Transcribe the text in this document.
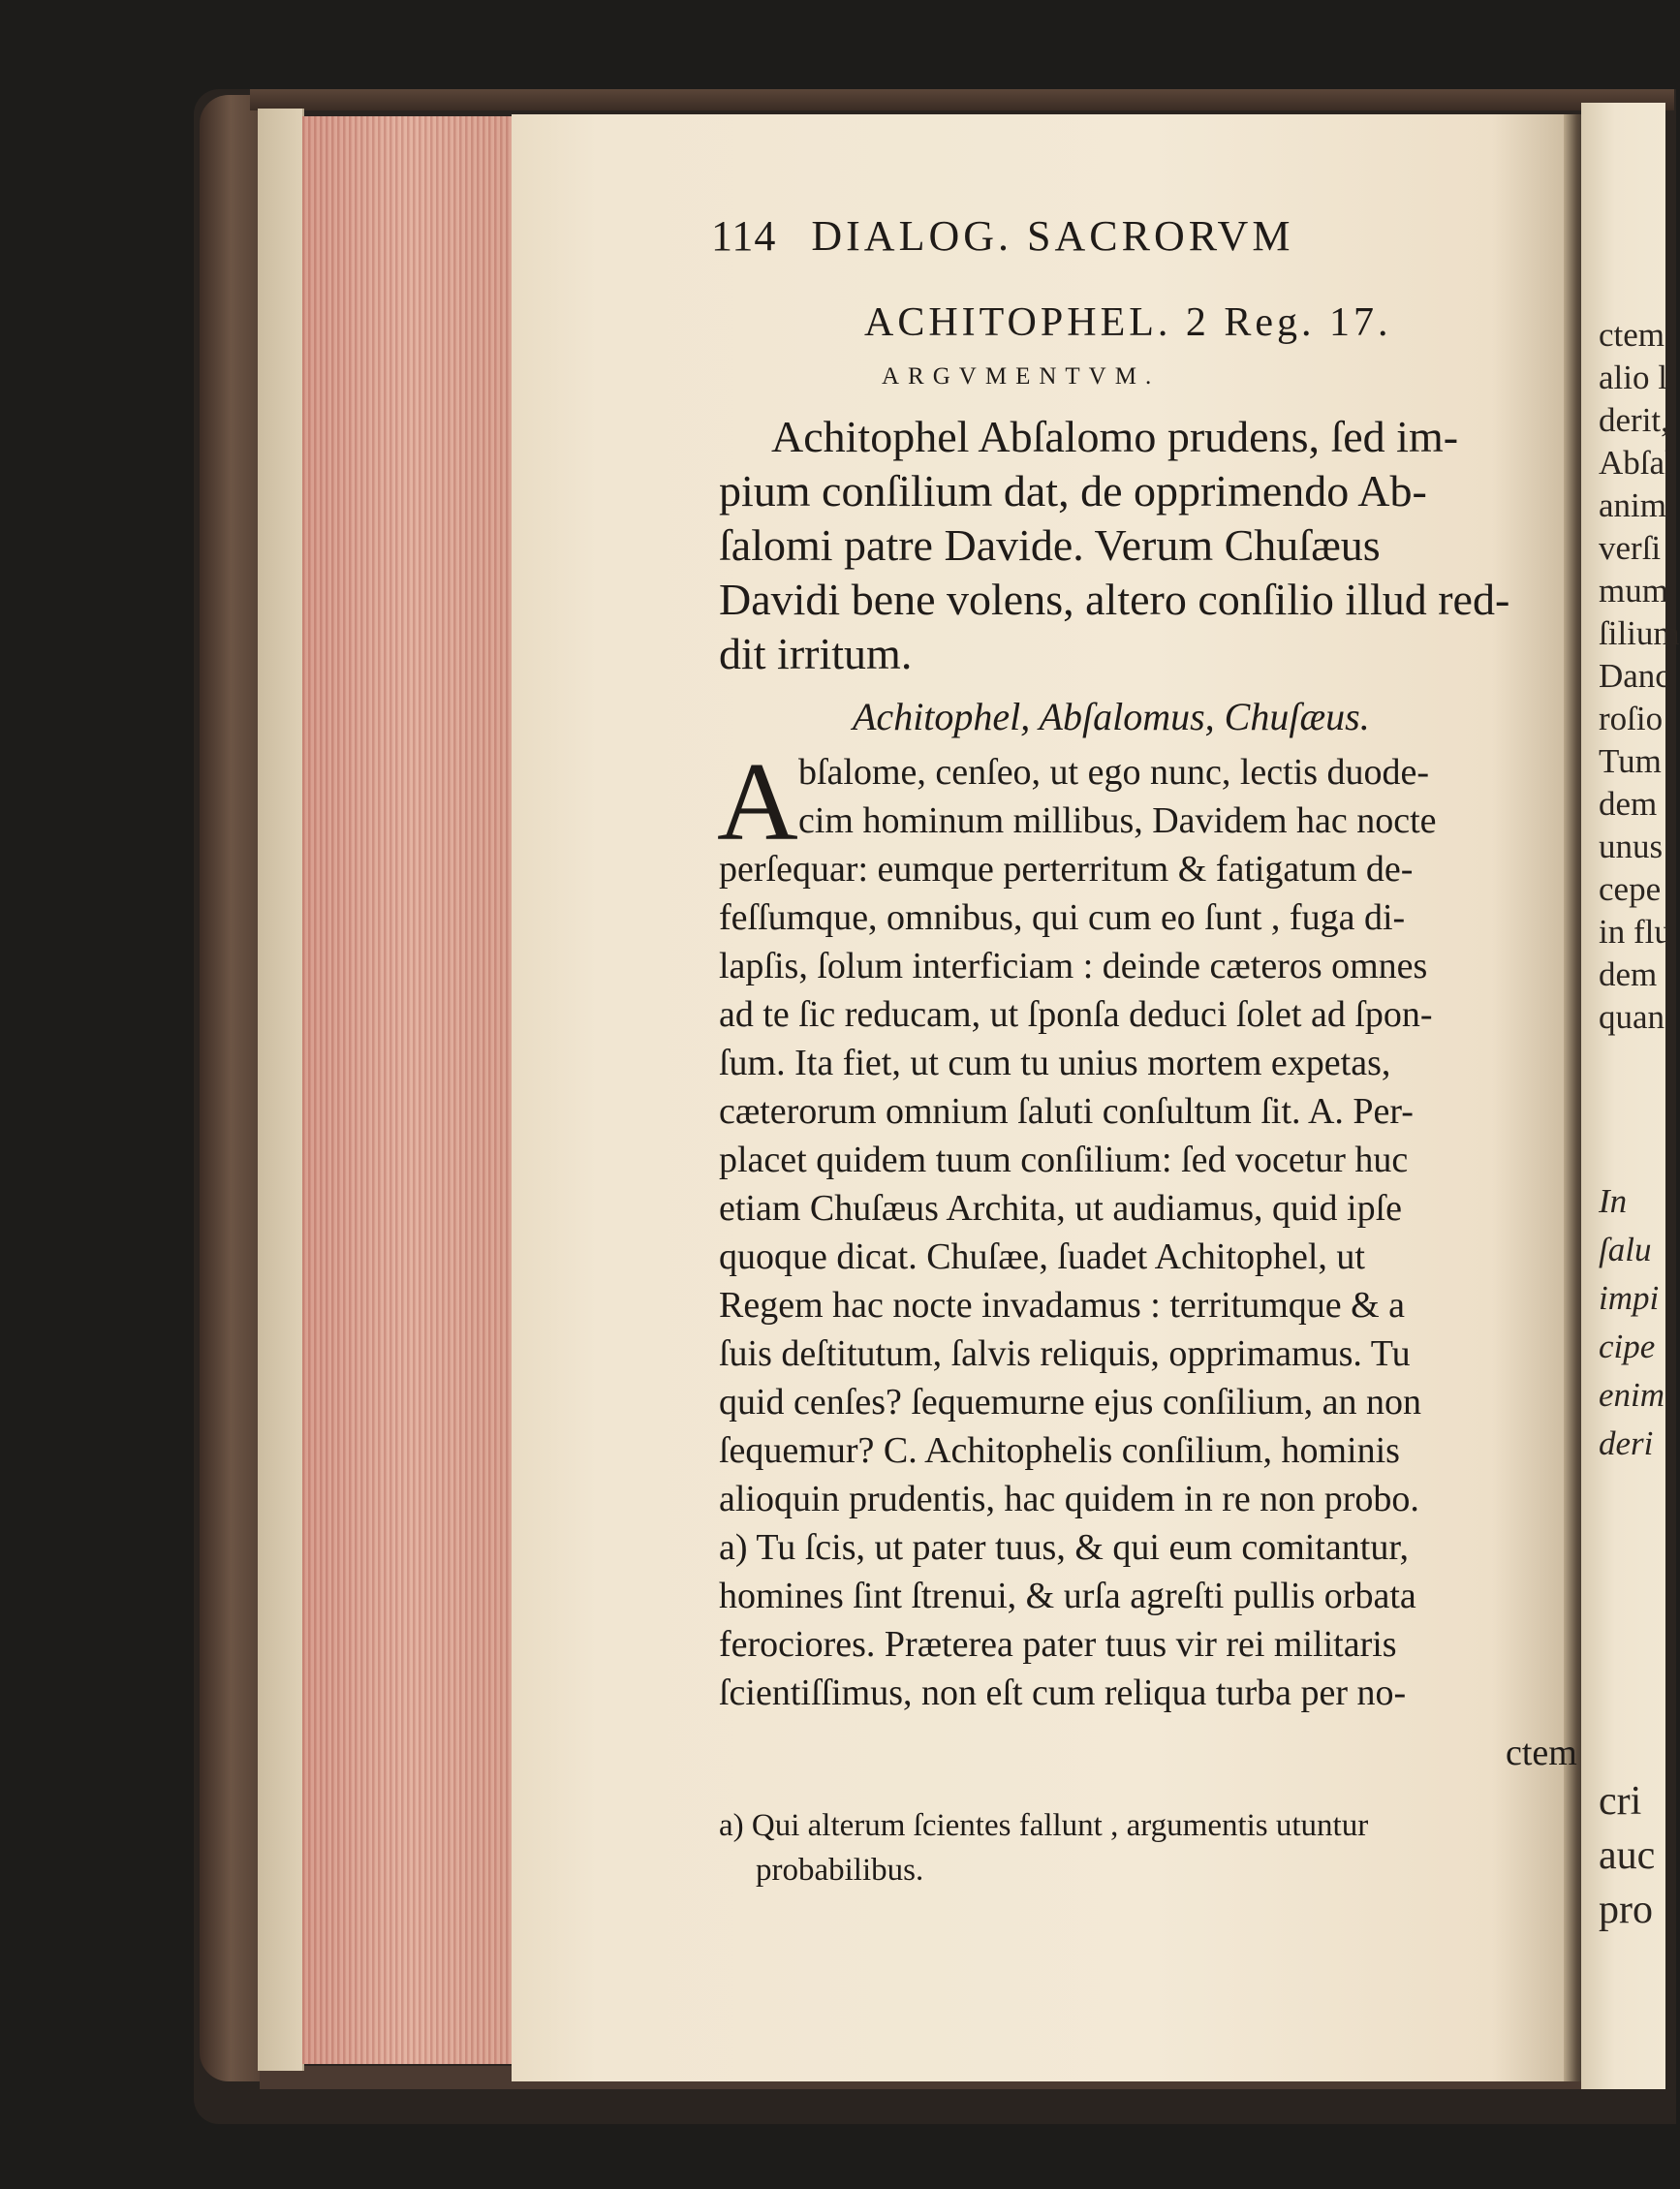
ctem
alio l
derit,
Abſal
anim
verſi
mum
ſilium
Danc
roſio
Tum
dem
unus
cepe
in flu
dem
quan
In
ſalu
impi
cipe
enim
deri
cri
auc
pro
114 DIALOG. SACRORVM
ACHITOPHEL. 2 Reg. 17.
ARGVMENTVM.
Achitophel Abſalomo prudens, ſed im-
pium conſilium dat, de opprimendo Ab-
ſalomi patre Davide. Verum Chuſæus
Davidi bene volens, altero conſilio illud red-
dit irritum.
Achitophel, Abſalomus, Chuſæus.
A bſalome, cenſeo, ut ego nunc, lectis duode-
cim hominum millibus, Davidem hac nocte
perſequar: eumque perterritum & fatigatum de-
feſſumque, omnibus, qui cum eo ſunt , fuga di-
lapſis, ſolum interficiam : deinde cæteros omnes
ad te ſic reducam, ut ſponſa deduci ſolet ad ſpon-
ſum. Ita fiet, ut cum tu unius mortem expetas,
cæterorum omnium ſaluti conſultum ſit. A. Per-
placet quidem tuum conſilium: ſed vocetur huc
etiam Chuſæus Archita, ut audiamus, quid ipſe
quoque dicat. Chuſæe, ſuadet Achitophel, ut
Regem hac nocte invadamus : territumque & a
ſuis deſtitutum, ſalvis reliquis, opprimamus. Tu
quid cenſes? ſequemurne ejus conſilium, an non
ſequemur? C. Achitophelis conſilium, hominis
alioquin prudentis, hac quidem in re non probo.
a) Tu ſcis, ut pater tuus, & qui eum comitantur,
homines ſint ſtrenui, & urſa agreſti pullis orbata
ferociores. Præterea pater tuus vir rei militaris
ſcientiſſimus, non eſt cum reliqua turba per no-
ctem
a) Qui alterum ſcientes fallunt , argumentis utuntur
probabilibus.
